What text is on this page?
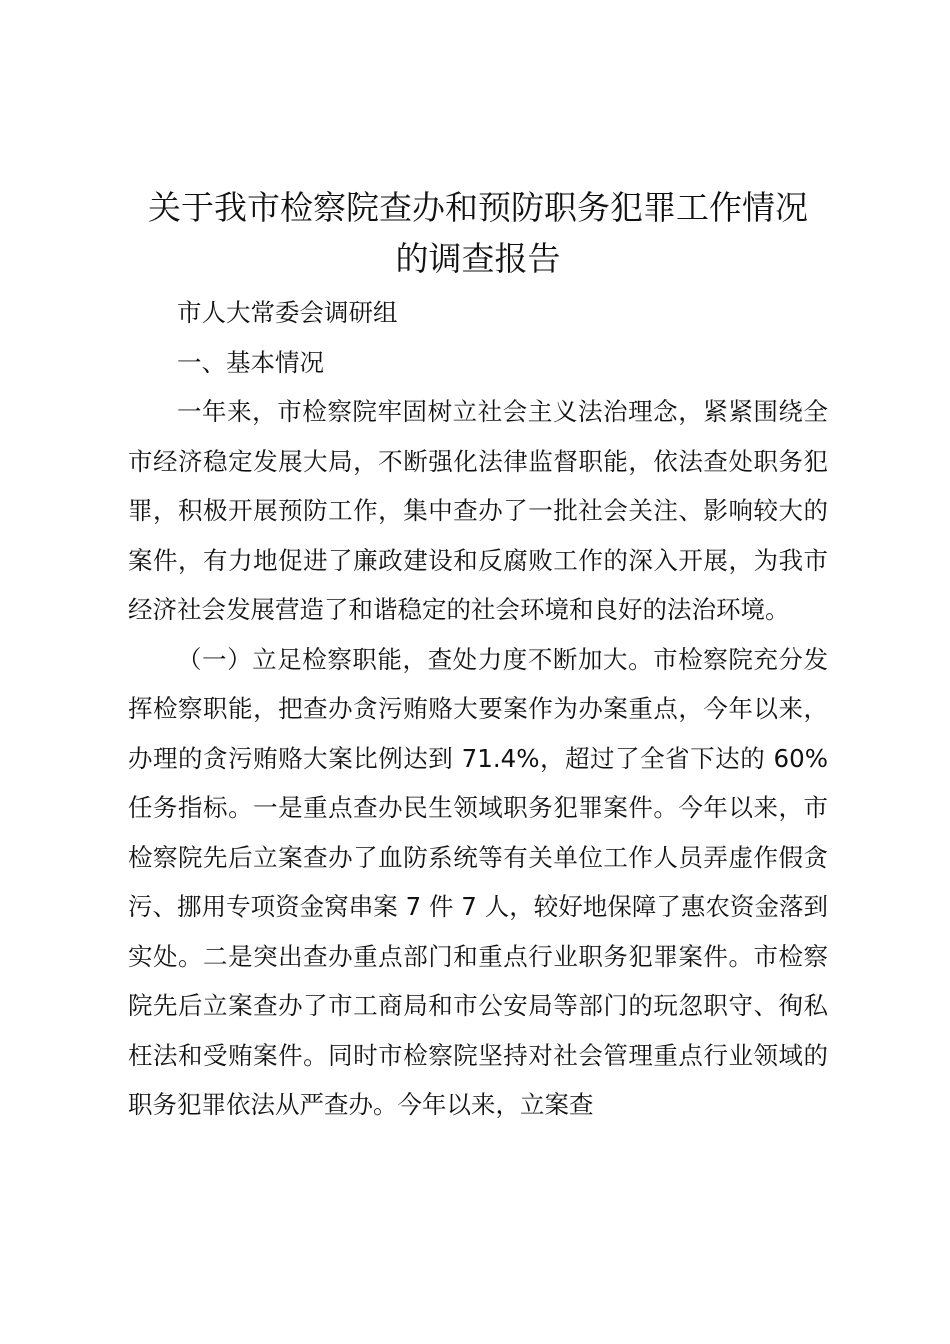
关于我市检察院查办和预防职务犯罪工作情况
的调查报告

市人大常委会调研组

一、基本情况

一年来，市检察院牢固树立社会主义法治理念，紧紧围绕全市经济稳定发展大局，不断强化法律监督职能，依法查处职务犯罪，积极开展预防工作，集中查办了一批社会关注、影响较大的案件，有力地促进了廉政建设和反腐败工作的深入开展，为我市经济社会发展营造了和谐稳定的社会环境和良好的法治环境。

（一）立足检察职能，查处力度不断加大。市检察院充分发挥检察职能，把查办贪污贿赂大要案作为办案重点，今年以来，办理的贪污贿赂大案比例达到 71.4%，超过了全省下达的 60%任务指标。一是重点查办民生领域职务犯罪案件。今年以来，市检察院先后立案查办了血防系统等有关单位工作人员弄虚作假贪污、挪用专项资金窝串案 7 件 7 人，较好地保障了惠农资金落到实处。二是突出查办重点部门和重点行业职务犯罪案件。市检察院先后立案查办了市工商局和市公安局等部门的玩忽职守、徇私枉法和受贿案件。同时市检察院坚持对社会管理重点行业领域的职务犯罪依法从严查办。今年以来，立案查
